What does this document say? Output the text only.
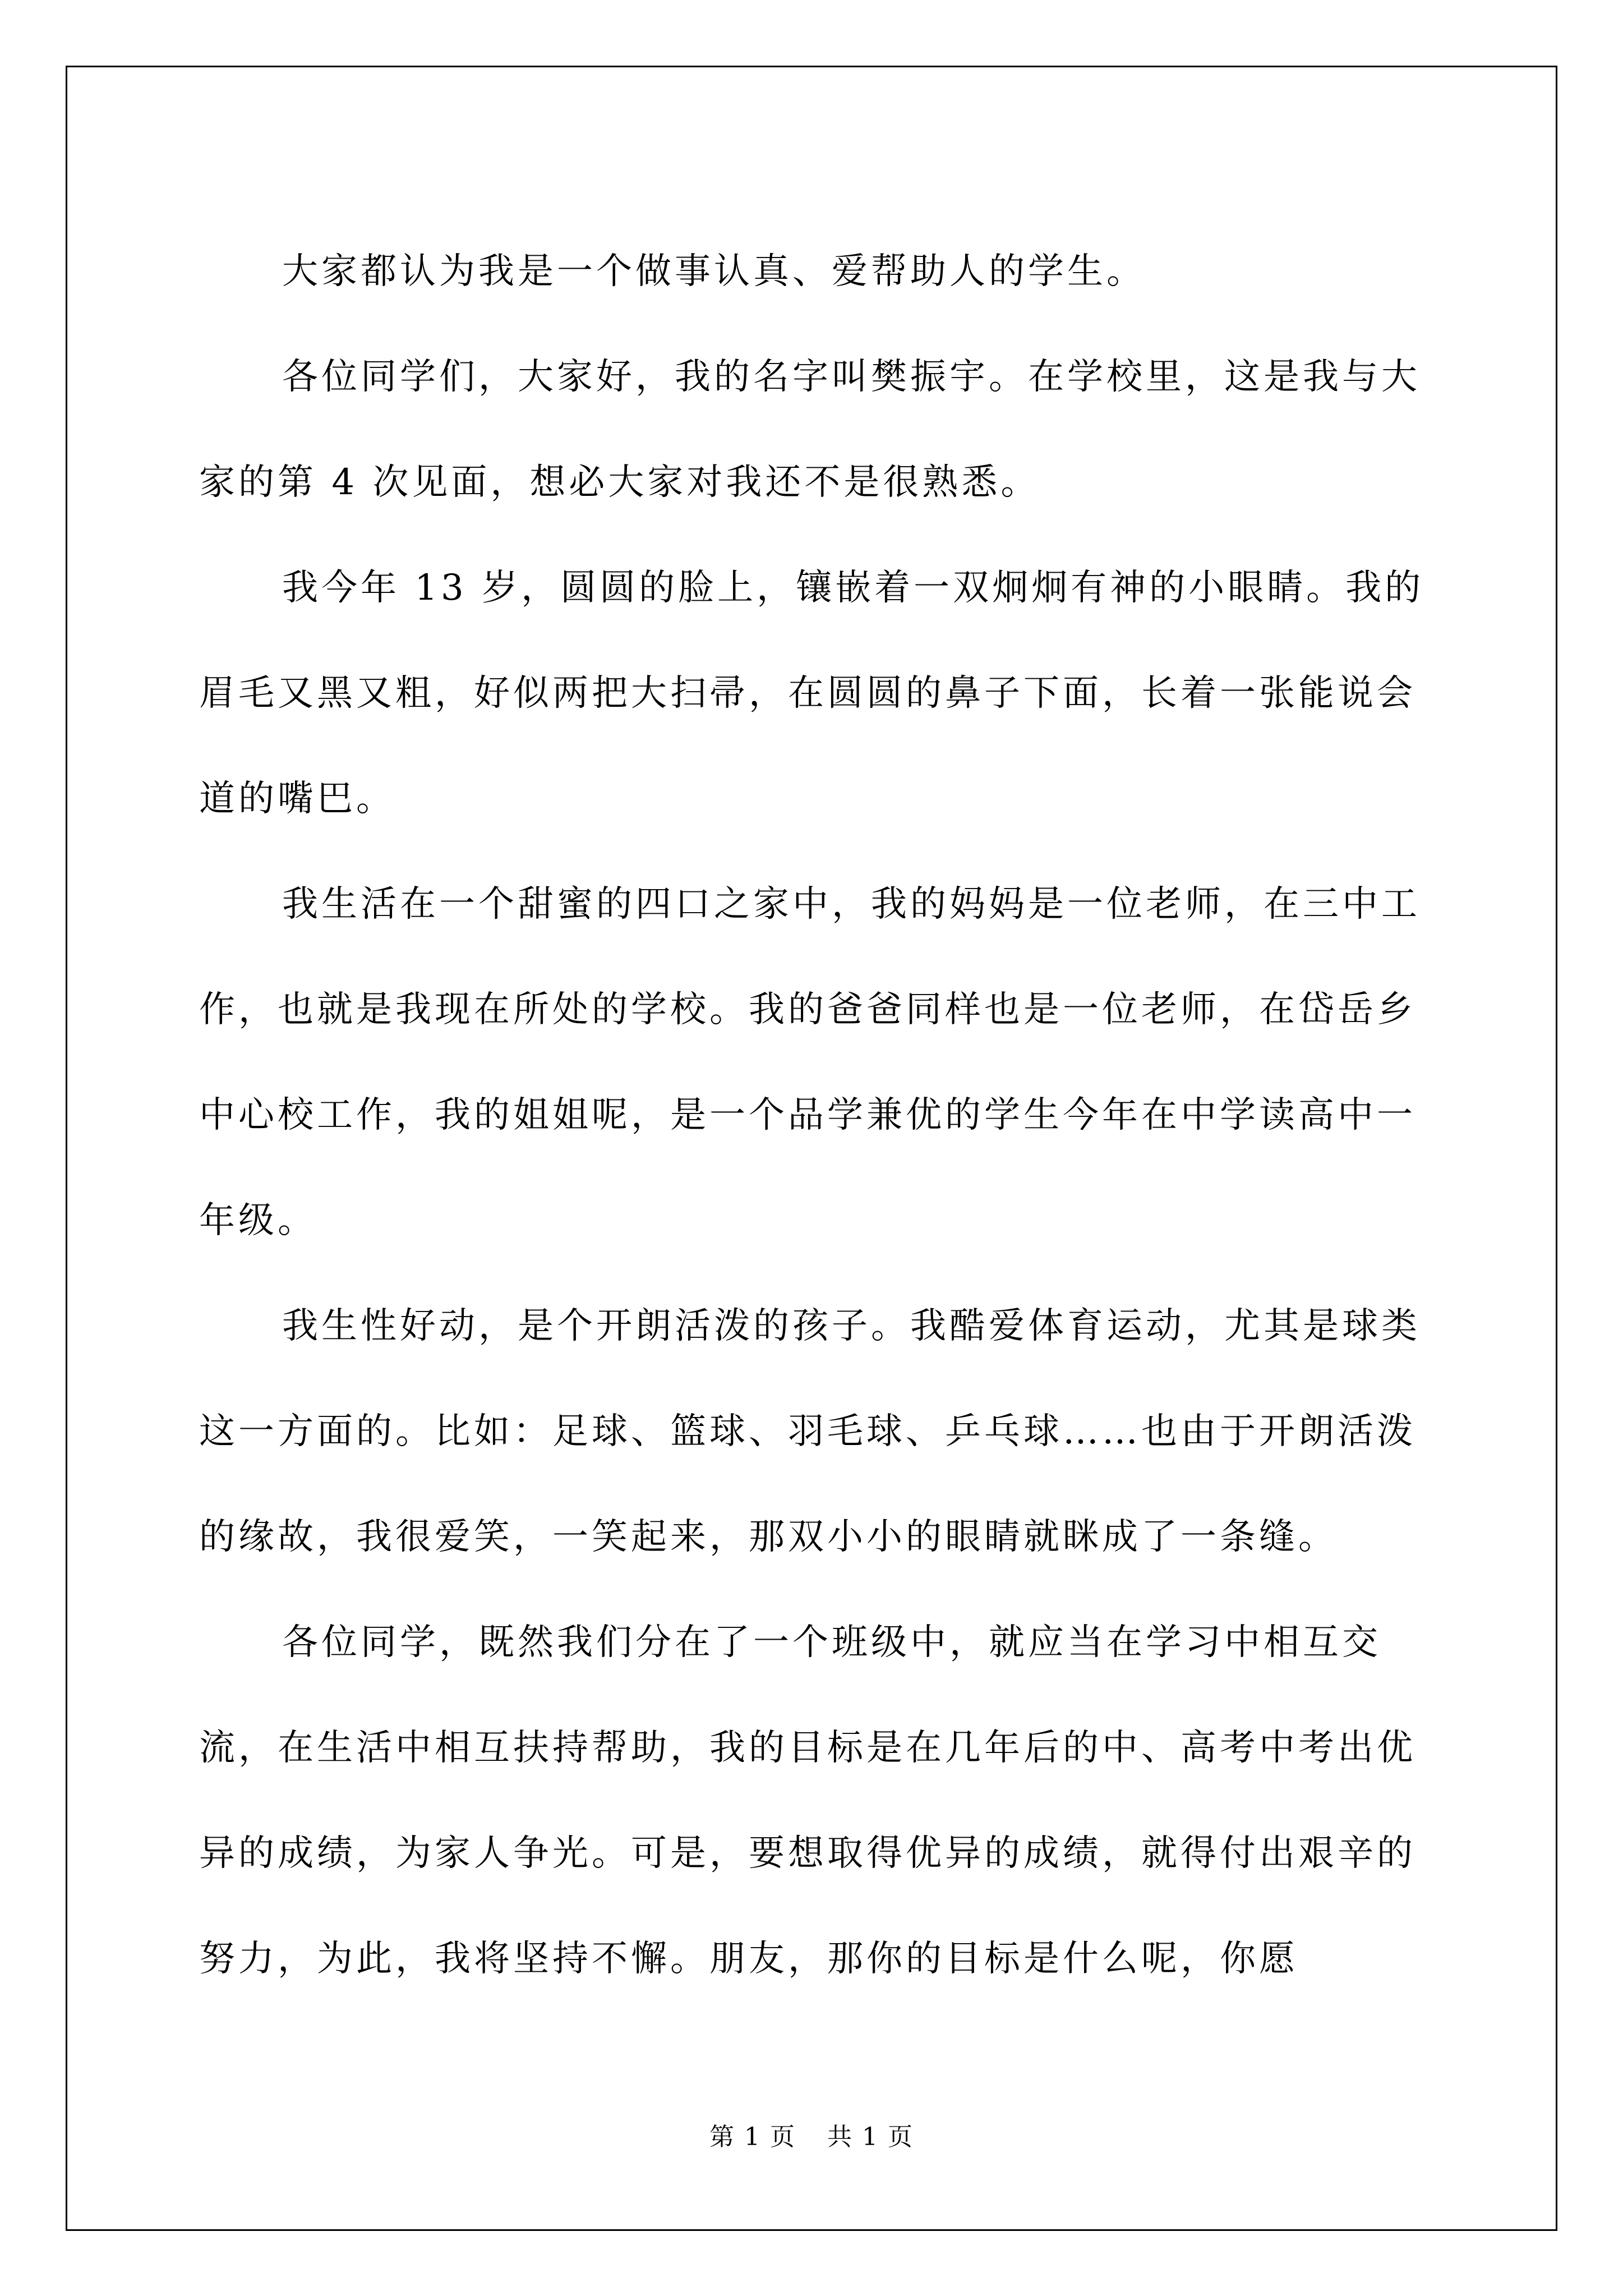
大家都认为我是一个做事认真、爱帮助人的学生。

各位同学们，大家好，我的名字叫樊振宇。在学校里，这是我与大家的第 4 次见面，想必大家对我还不是很熟悉。

我今年 13 岁，圆圆的脸上，镶嵌着一双炯炯有神的小眼睛。我的眉毛又黑又粗，好似两把大扫帚，在圆圆的鼻子下面，长着一张能说会道的嘴巴。

我生活在一个甜蜜的四口之家中，我的妈妈是一位老师，在三中工作，也就是我现在所处的学校。我的爸爸同样也是一位老师，在岱岳乡中心校工作，我的姐姐呢，是一个品学兼优的学生今年在中学读高中一年级。

我生性好动，是个开朗活泼的孩子。我酷爱体育运动，尤其是球类这一方面的。比如：足球、篮球、羽毛球、乒乓球……也由于开朗活泼的缘故，我很爱笑，一笑起来，那双小小的眼睛就眯成了一条缝。

各位同学，既然我们分在了一个班级中，就应当在学习中相互交流，在生活中相互扶持帮助，我的目标是在几年后的中、高考中考出优异的成绩，为家人争光。可是，要想取得优异的成绩，就得付出艰辛的努力，为此，我将坚持不懈。朋友，那你的目标是什么呢，你愿

第 1 页 共 1 页
